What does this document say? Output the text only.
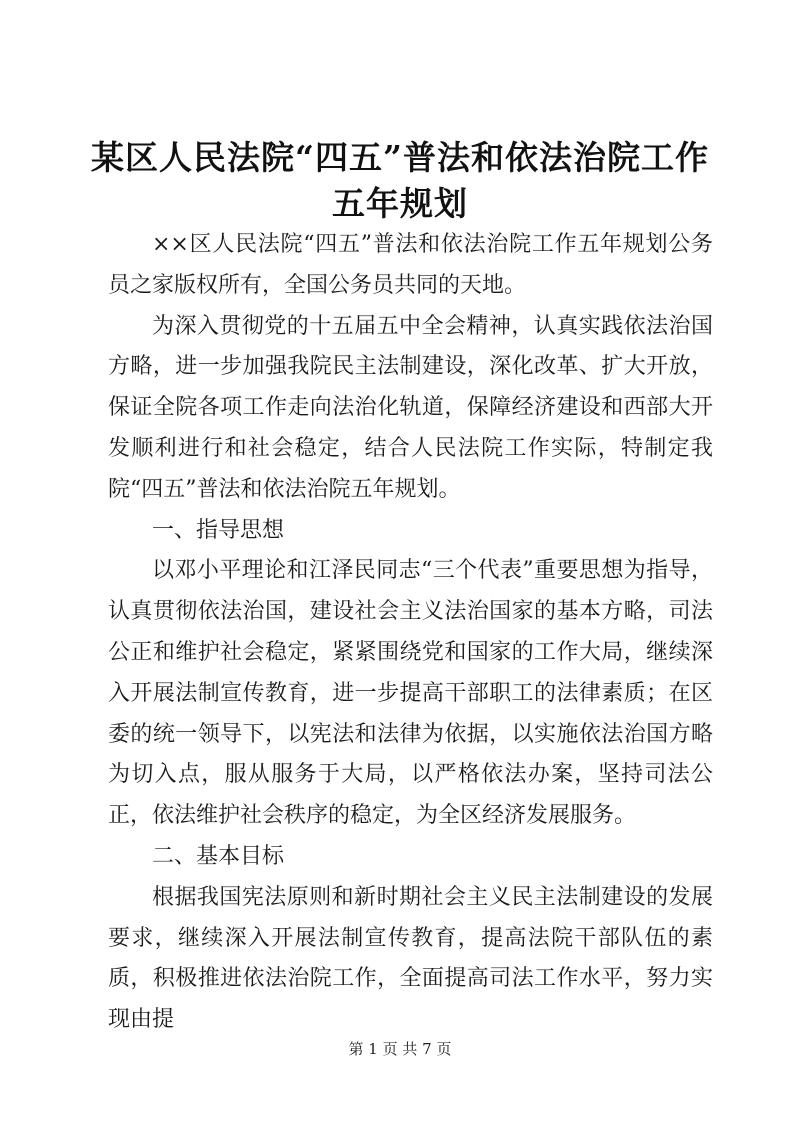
某区人民法院“四五”普法和依法治院工作五年规划

××区人民法院“四五”普法和依法治院工作五年规划公务员之家版权所有，全国公务员共同的天地。

为深入贯彻党的十五届五中全会精神，认真实践依法治国方略，进一步加强我院民主法制建设，深化改革、扩大开放，保证全院各项工作走向法治化轨道，保障经济建设和西部大开发顺利进行和社会稳定，结合人民法院工作实际，特制定我院“四五”普法和依法治院五年规划。

一、指导思想

以邓小平理论和江泽民同志“三个代表”重要思想为指导，认真贯彻依法治国，建设社会主义法治国家的基本方略，司法公正和维护社会稳定，紧紧围绕党和国家的工作大局，继续深入开展法制宣传教育，进一步提高干部职工的法律素质；在区委的统一领导下，以宪法和法律为依据，以实施依法治国方略为切入点，服从服务于大局，以严格依法办案，坚持司法公正，依法维护社会秩序的稳定，为全区经济发展服务。

二、基本目标

根据我国宪法原则和新时期社会主义民主法制建设的发展要求，继续深入开展法制宣传教育，提高法院干部队伍的素质，积极推进依法治院工作，全面提高司法工作水平，努力实现由提

第 1 页 共 7 页
